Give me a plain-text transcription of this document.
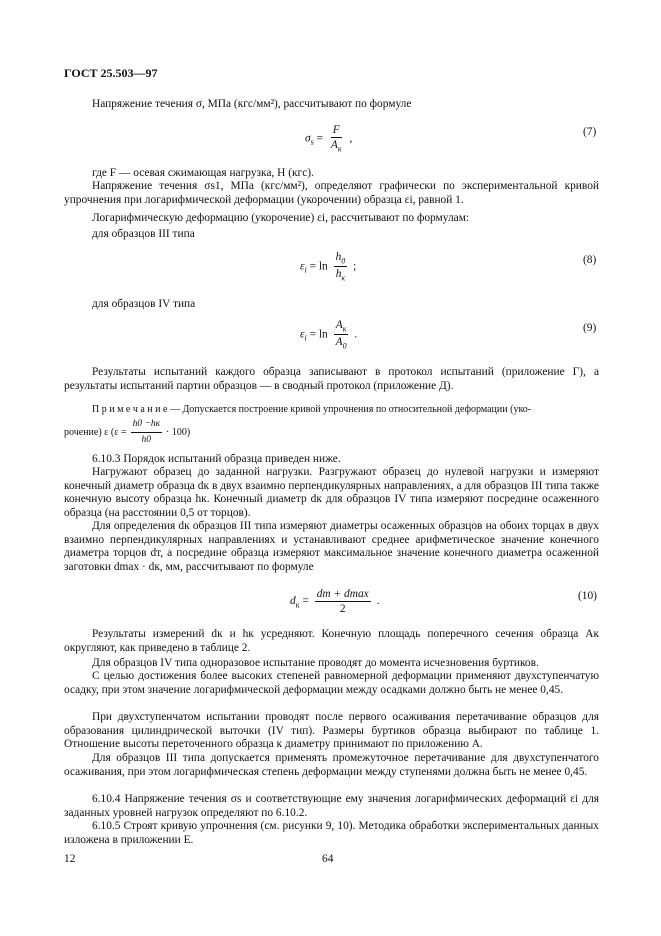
ГОСТ 25.503—97
Напряжение течения σ, МПа (кгс/мм²), рассчитывают по формуле
$\sigma_s = \frac{F}{A_к}$ ,
(7)
где F — осевая сжимающая нагрузка, Н (кгс).
Напряжение течения σs1, МПа (кгс/мм²), определяют графически по экспериментальной кривой упрочнения при логарифмической деформации (укорочении) образца εi, равной 1.
Логарифмическую деформацию (укорочение) εi, рассчитывают по формулам:
для образцов III типа
$\varepsilon_i = \ln \frac{h_0}{h_к}$ ;
(8)
для образцов IV типа
$\varepsilon_i = \ln \frac{A_к}{A_0}$ .
(9)
Результаты испытаний каждого образца записывают в протокол испытаний (приложение Г), а результаты испытаний партии образцов — в сводный протокол (приложение Д).
П р и м е ч а н и е — Допускается построение кривой упрочнения по относительной деформации (уко-
рочение) ε $(\varepsilon = \frac{h0 -hк}{h0} \cdot 100)$
6.10.3 Порядок испытаний образца приведен ниже.
Нагружают образец до заданной нагрузки. Разгружают образец до нулевой нагрузки и измеряют конечный диаметр образца dк в двух взаимно перпендикулярных направлениях, а для образцов III типа также конечную высоту образца hк. Конечный диаметр dк для образцов IV типа измеряют посредине осаженного образца (на расстоянии 0,5 от торцов).
Для определения dк образцов III типа измеряют диаметры осаженных образцов на обоих торцах в двух взаимно перпендикулярных направлениях и устанавливают среднее арифметическое значение конечного диаметра торцов dт, а посредине образца измеряют максимальное значение конечного диаметра осаженной заготовки dmax · dк, мм, рассчитывают по формуле
$d_к = \frac{dт + dmax}{2}$ .	(10)
Результаты измерений dк и hк усредняют. Конечную площадь поперечного сечения образца Aк округляют, как приведено в таблице 2.
Для образцов IV типа одноразовое испытание проводят до момента исчезновения буртиков.
С целью достижения более высоких степеней равномерной деформации применяют двухступенчатую осадку, при этом значение логарифмической деформации между осадками должно быть не менее 0,45.
При двухступенчатом испытании проводят после первого осаживания перетачивание образцов для образования цилиндрической выточки (IV тип). Размеры буртиков образца выбирают по таблице 1. Отношение высоты переточенного образца к диаметру принимают по приложению А.
Для образцов III типа допускается применять промежуточное перетачивание для двухступенчатого осаживания, при этом логарифмическая степень деформации между ступенями должна быть не менее 0,45.
6.10.4 Напряжение течения σs и соответствующие ему значения логарифмических деформаций εi для заданных уровней нагрузок определяют по 6.10.2.
6.10.5 Строят кривую упрочнения (см. рисунки 9, 10). Методика обработки экспериментальных данных изложена в приложении Е.
12	64
